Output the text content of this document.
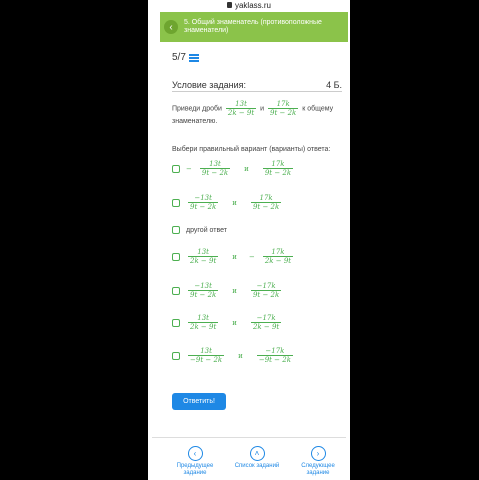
yaklass.ru
‹ 5. Общий знаменатель (противоположные знаменатели)
5/7
Условие задания:	4 Б.
Приведи дроби $\frac{13t}{2k - 9t}$ и $\frac{17k}{9t - 2k}$ к общему знаменателю.
Выбери правильный вариант (варианты) ответа:
− $\frac{13t}{9t - 2k}$ и $\frac{17k}{9t - 2k}$
$\frac{-13t}{9t - 2k}$ и $\frac{17k}{9t - 2k}$
другой ответ
$\frac{13t}{2k - 9t}$ $и - \frac{17k}{2k - 9t}$
$\frac{-13t}{9t - 2k}$ и $\frac{-17k}{9t - 2k}$
$\frac{13t}{2k - 9t}$ и $\frac{-17k}{2k - 9t}$
$\frac{13t}{-9t - 2k}$ и $\frac{-17k}{-9t - 2k}$
Ответить!
‹
Предыдущее задание
˄
Список заданий
›
Следующее задание
